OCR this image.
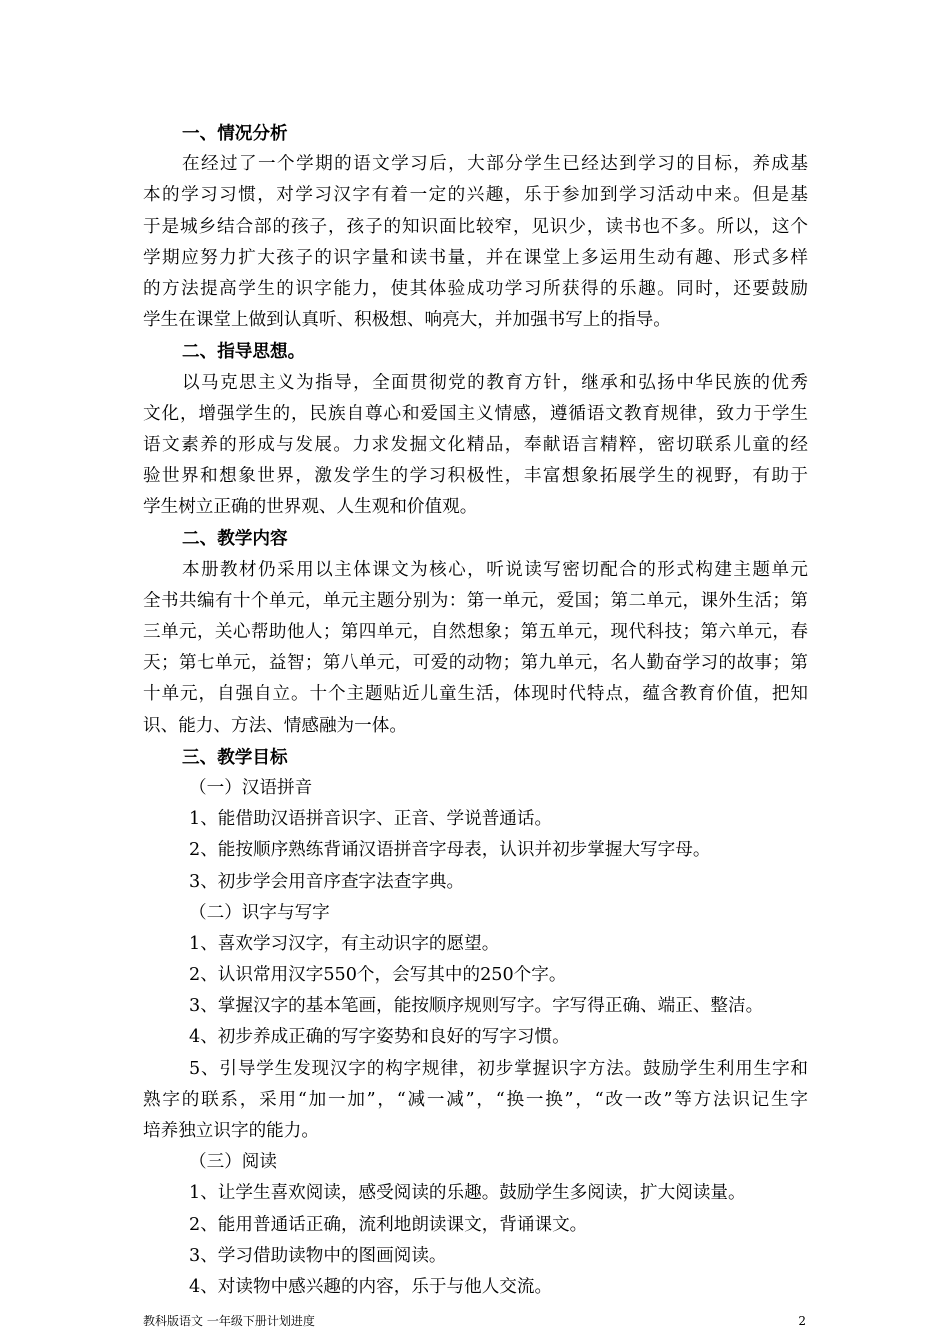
一、情况分析
在经过了一个学期的语文学习后，大部分学生已经达到学习的目标，养成基
本的学习习惯，对学习汉字有着一定的兴趣，乐于参加到学习活动中来。但是基
于是城乡结合部的孩子，孩子的知识面比较窄，见识少，读书也不多。所以，这个
学期应努力扩大孩子的识字量和读书量，并在课堂上多运用生动有趣、形式多样
的方法提高学生的识字能力，使其体验成功学习所获得的乐趣。同时，还要鼓励
学生在课堂上做到认真听、积极想、响亮大，并加强书写上的指导。
二、指导思想。
以马克思主义为指导，全面贯彻党的教育方针，继承和弘扬中华民族的优秀
文化，增强学生的，民族自尊心和爱国主义情感，遵循语文教育规律，致力于学生
语文素养的形成与发展。力求发掘文化精品，奉献语言精粹，密切联系儿童的经
验世界和想象世界，激发学生的学习积极性，丰富想象拓展学生的视野，有助于
学生树立正确的世界观、人生观和价值观。
二、教学内容
本册教材仍采用以主体课文为核心，听说读写密切配合的形式构建主题单元
全书共编有十个单元，单元主题分别为：第一单元，爱国；第二单元，课外生活；第
三单元，关心帮助他人；第四单元，自然想象；第五单元，现代科技；第六单元，春
天；第七单元，益智；第八单元，可爱的动物；第九单元，名人勤奋学习的故事；第
十单元，自强自立。十个主题贴近儿童生活，体现时代特点，蕴含教育价值，把知
识、能力、方法、情感融为一体。
三、教学目标
（一）汉语拼音
1、能借助汉语拼音识字、正音、学说普通话。
2、能按顺序熟练背诵汉语拼音字母表，认识并初步掌握大写字母。
3、初步学会用音序查字法查字典。
（二）识字与写字
1、喜欢学习汉字，有主动识字的愿望。
2、认识常用汉字550个，会写其中的250个字。
3、掌握汉字的基本笔画，能按顺序规则写字。字写得正确、端正、整洁。
4、初步养成正确的写字姿势和良好的写字习惯。
5、引导学生发现汉字的构字规律，初步掌握识字方法。鼓励学生利用生字和
熟字的联系，采用“加一加”，“减一减”，“换一换”，“改一改”等方法识记生字
培养独立识字的能力。
（三）阅读
1、让学生喜欢阅读，感受阅读的乐趣。鼓励学生多阅读，扩大阅读量。
2、能用普通话正确，流利地朗读课文，背诵课文。
3、学习借助读物中的图画阅读。
4、对读物中感兴趣的内容，乐于与他人交流。
教科版语文 一年级下册计划进度	2
